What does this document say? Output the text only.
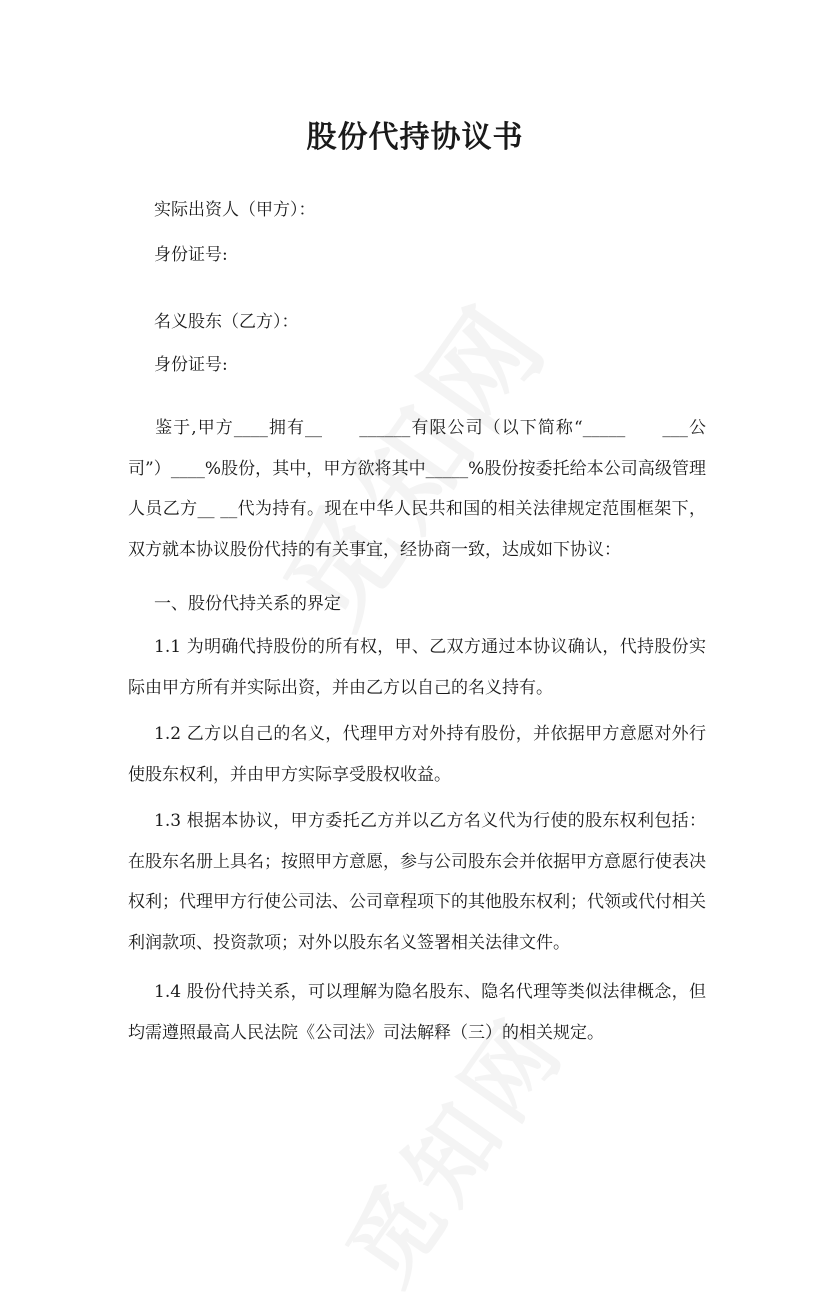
股份代持协议书

实际出资人（甲方）：

身份证号:

名义股东（乙方）：

身份证号:

鉴于,甲方____拥有__　　______有限公司（以下简称“_____　　___公司”）____%股份，其中，甲方欲将其中_____%股份按委托给本公司高级管理人员乙方__ __代为持有。现在中华人民共和国的相关法律规定范围框架下，双方就本协议股份代持的有关事宜，经协商一致，达成如下协议：

一、股份代持关系的界定

1.1 为明确代持股份的所有权，甲、乙双方通过本协议确认，代持股份实际由甲方所有并实际出资，并由乙方以自己的名义持有。

1.2 乙方以自己的名义，代理甲方对外持有股份，并依据甲方意愿对外行使股东权利，并由甲方实际享受股权收益。

1.3 根据本协议，甲方委托乙方并以乙方名义代为行使的股东权利包括：在股东名册上具名；按照甲方意愿，参与公司股东会并依据甲方意愿行使表决权利；代理甲方行使公司法、公司章程项下的其他股东权利；代领或代付相关利润款项、投资款项；对外以股东名义签署相关法律文件。

1.4 股份代持关系，可以理解为隐名股东、隐名代理等类似法律概念，但均需遵照最高人民法院《公司法》司法解释（三）的相关规定。
